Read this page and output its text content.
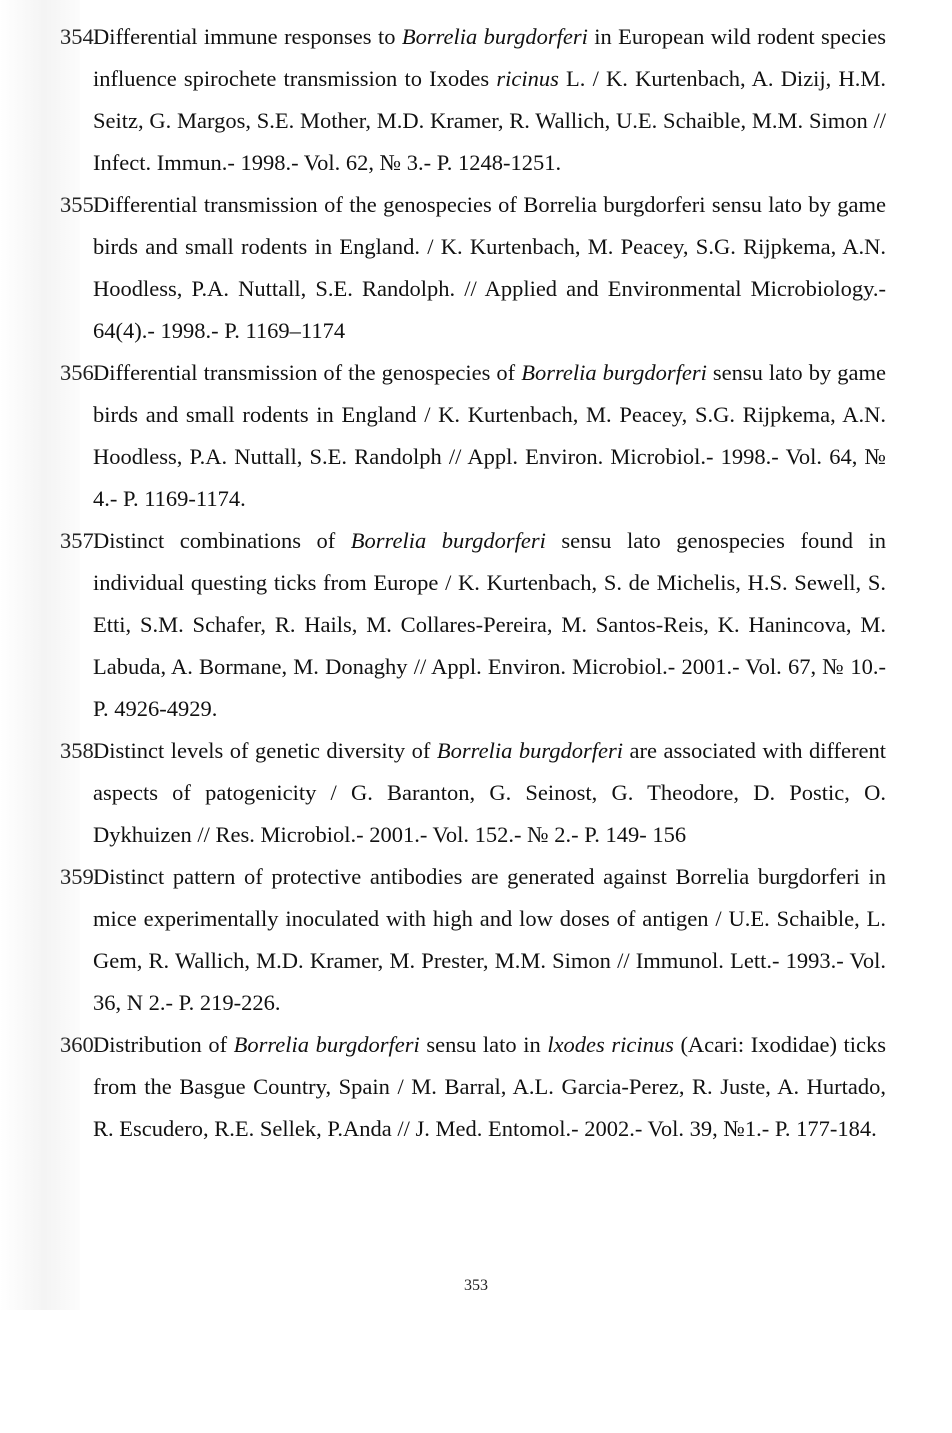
354.
Differential immune responses to Borrelia burgdorferi in European wild rodent species influence spirochete transmission to Ixodes ricinus L. / K. Kurtenbach, A. Dizij, H.M. Seitz, G. Margos, S.E. Mother, M.D. Kramer, R. Wallich, U.E. Schaible, M.M. Simon // Infect. Immun.- 1998.- Vol. 62, № 3.- P. 1248-1251.

355.
Differential transmission of the genospecies of Borrelia burgdorferi sensu lato by game birds and small rodents in England. / K. Kurtenbach, M. Peacey, S.G. Rijpkema, A.N. Hoodless, P.A. Nuttall, S.E. Randolph. // Applied and Environmental Microbiology.- 64(4).- 1998.- P. 1169–1174

356.
Differential transmission of the genospecies of Borrelia burgdorferi sensu lato by game birds and small rodents in England / K. Kurtenbach, M. Peacey, S.G. Rijpkema, A.N. Hoodless, P.A. Nuttall, S.E. Randolph // Appl. Environ. Microbiol.- 1998.- Vol. 64, № 4.- P. 1169-1174.

357.
Distinct combinations of Borrelia burgdorferi sensu lato genospecies found in individual questing ticks from Europe / K. Kurtenbach, S. de Michelis, H.S. Sewell, S. Etti, S.M. Schafer, R. Hails, M. Collares-Pereira, M. Santos-Reis, K. Hanincova, M. Labuda, A. Bormane, M. Donaghy // Appl. Environ. Microbiol.- 2001.- Vol. 67, № 10.- P. 4926-4929.

358.
Distinct levels of genetic diversity of Borrelia burgdorferi are associated with different aspects of patogenicity / G. Baranton, G. Seinost, G. Theodore, D. Postic, O. Dykhuizen // Res. Microbiol.- 2001.- Vol. 152.- № 2.- P. 149- 156

359.
Distinct pattern of protective antibodies are generated against Borrelia burgdorferi in mice experimentally inoculated with high and low doses of antigen / U.E. Schaible, L. Gem, R. Wallich, M.D. Kramer, M. Prester, M.M. Simon // Immunol. Lett.- 1993.- Vol. 36, N 2.- P. 219-226.

360.
Distribution of Borrelia burgdorferi sensu lato in lxodes ricinus (Acari: Ixodidae) ticks from the Basgue Country, Spain / M. Barral, A.L. Garcia-Perez, R. Juste, A. Hurtado, R. Escudero, R.E. Sellek, P.Anda // J. Med. Entomol.- 2002.- Vol. 39, №1.- P. 177-184.

353
